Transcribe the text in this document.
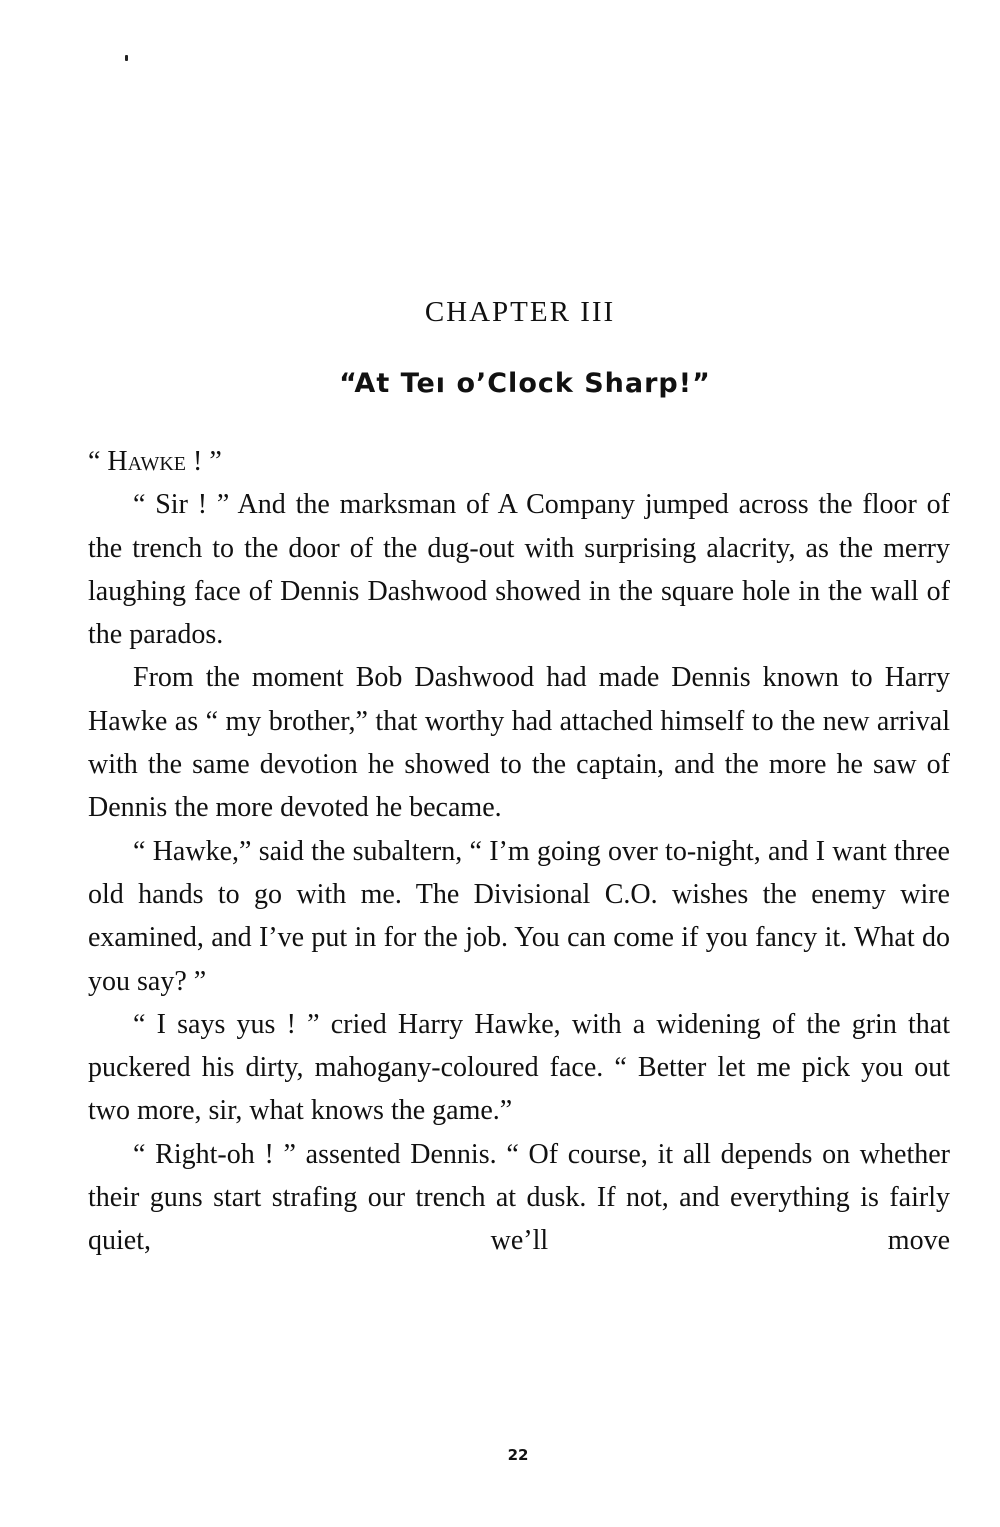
CHAPTER III
“At Teı o’Clock Sharp!”

“ Hawke ! ”

“ Sir ! ” And the marksman of A Company jumped across the floor of the trench to the door of the dug-out with surprising alacrity, as the merry laughing face of Dennis Dashwood showed in the square hole in the wall of the parados.

From the moment Bob Dashwood had made Dennis known to Harry Hawke as “ my brother,” that worthy had attached himself to the new arrival with the same devotion he showed to the captain, and the more he saw of Dennis the more devoted he became.

“ Hawke,” said the subaltern, “ I’m going over to-night, and I want three old hands to go with me. The Divisional C.O. wishes the enemy wire examined, and I’ve put in for the job. You can come if you fancy it. What do you say? ”

“ I says yus ! ” cried Harry Hawke, with a widening of the grin that puckered his dirty, mahogany-coloured face. “ Better let me pick you out two more, sir, what knows the game.”

“ Right-oh ! ” assented Dennis. “ Of course, it all depends on whether their guns start strafing our trench at dusk. If not, and everything is fairly quiet, we’ll move

22
